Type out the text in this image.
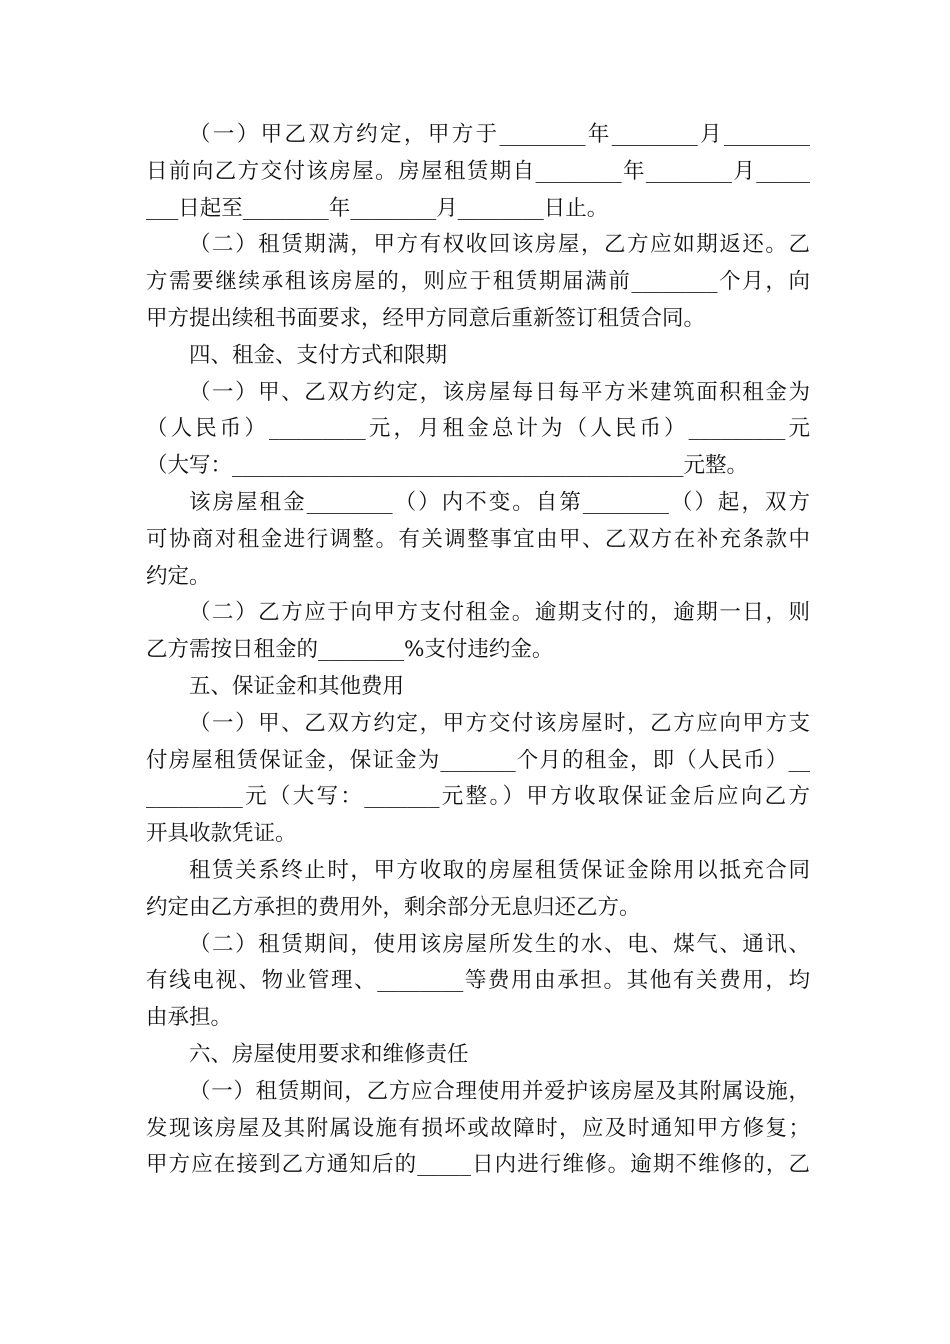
（一）甲乙双方约定，甲方于________年________月________
日前向乙方交付该房屋。房屋租赁期自________年________月_____
___日起至________年________月________日止。
（二）租赁期满，甲方有权收回该房屋，乙方应如期返还。乙
方需要继续承租该房屋的，则应于租赁期届满前________个月，向
甲方提出续租书面要求，经甲方同意后重新签订租赁合同。
四、租金、支付方式和限期
（一）甲、乙双方约定，该房屋每日每平方米建筑面积租金为
（人民币）_________元，月租金总计为（人民币）_________元
（大写：__________________________________________元整。
该房屋租金________（）内不变。自第________（）起，双方
可协商对租金进行调整。有关调整事宜由甲、乙双方在补充条款中
约定。
（二）乙方应于向甲方支付租金。逾期支付的，逾期一日，则
乙方需按日租金的________%支付违约金。
五、保证金和其他费用
（一）甲、乙双方约定，甲方交付该房屋时，乙方应向甲方支
付房屋租赁保证金，保证金为_______个月的租金，即（人民币）__
_________元（大写：_______元整。）甲方收取保证金后应向乙方
开具收款凭证。
租赁关系终止时，甲方收取的房屋租赁保证金除用以抵充合同
约定由乙方承担的费用外，剩余部分无息归还乙方。
（二）租赁期间，使用该房屋所发生的水、电、煤气、通讯、
有线电视、物业管理、________等费用由承担。其他有关费用，均
由承担。
六、房屋使用要求和维修责任
（一）租赁期间，乙方应合理使用并爱护该房屋及其附属设施，
发现该房屋及其附属设施有损坏或故障时，应及时通知甲方修复；
甲方应在接到乙方通知后的_____日内进行维修。逾期不维修的，乙
